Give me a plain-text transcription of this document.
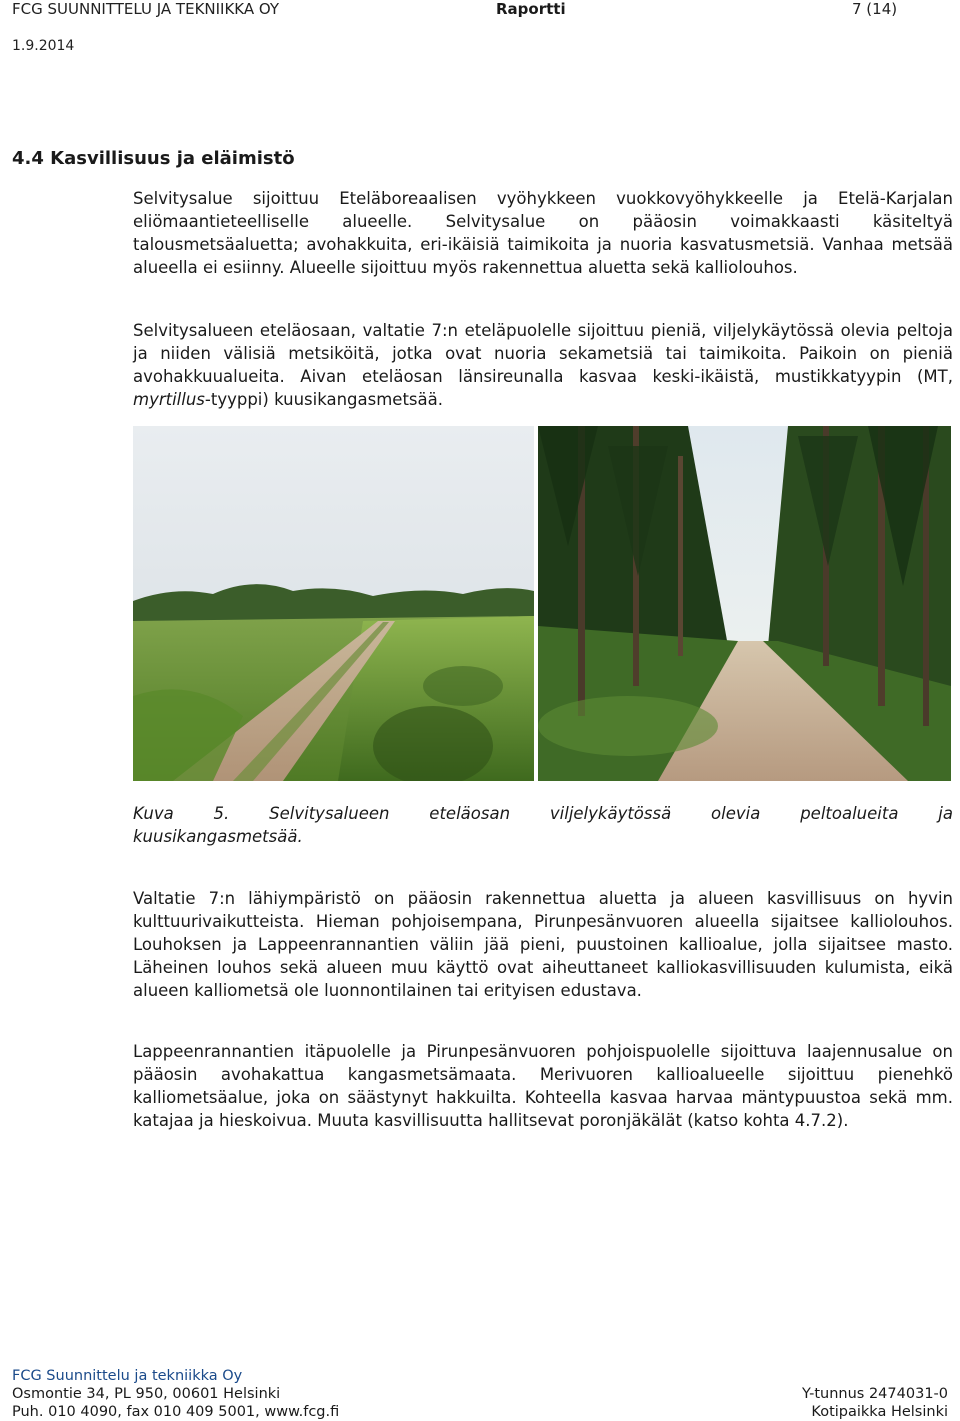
FCG SUUNNITTELU JA TEKNIIKKA OY	Raportti	7 (14)
1.9.2014
4.4 Kasvillisuus ja eläimistö

Selvitysalue sijoittuu Eteläboreaalisen vyöhykkeen vuokkovyöhykkeelle ja Etelä-Karjalan eliömaantieteelliselle alueelle. Selvitysalue on pääosin voimakkaasti käsiteltyä talousmetsäaluetta; avohakkuita, eri-ikäisiä taimikoita ja nuoria kasvatusmetsiä. Vanhaa metsää alueella ei esiinny. Alueelle sijoittuu myös rakennettua aluetta sekä kalliolouhos.

Selvitysalueen eteläosaan, valtatie 7:n eteläpuolelle sijoittuu pieniä, viljelykäytössä olevia peltoja ja niiden välisiä metsiköitä, jotka ovat nuoria sekametsiä tai taimikoita. Paikoin on pieniä avohakkuualueita. Aivan eteläosan länsireunalla kasvaa keski-ikäistä, mustikkatyypin (MT, myrtillus-tyyppi) kuusikangasmetsää.

Kuva 5. Selvitysalueen eteläosan viljelykäytössä olevia peltoalueita ja
kuusikangasmetsää.

Valtatie 7:n lähiympäristö on pääosin rakennettua aluetta ja alueen kasvillisuus on hyvin kulttuurivaikutteista. Hieman pohjoisempana, Pirunpesänvuoren alueella sijaitsee kalliolouhos. Louhoksen ja Lappeenrannantien väliin jää pieni, puustoinen kallioalue, jolla sijaitsee masto. Läheinen louhos sekä alueen muu käyttö ovat aiheuttaneet kalliokasvillisuuden kulumista, eikä alueen kalliometsä ole luonnontilainen tai erityisen edustava.

Lappeenrannantien itäpuolelle ja Pirunpesänvuoren pohjoispuolelle sijoittuva laajennusalue on pääosin avohakattua kangasmetsämaata. Merivuoren kallioalueelle sijoittuu pienehkö kalliometsäalue, joka on säästynyt hakkuilta. Kohteella kasvaa harvaa mäntypuustoa sekä mm. katajaa ja hieskoivua. Muuta kasvillisuutta hallitsevat poronjäkälät (katso kohta 4.7.2).

FCG Suunnittelu ja tekniikka Oy
Osmontie 34, PL 950, 00601 Helsinki
Puh. 010 4090, fax 010 409 5001, www.fcg.fi
Y-tunnus 2474031-0
Kotipaikka Helsinki
